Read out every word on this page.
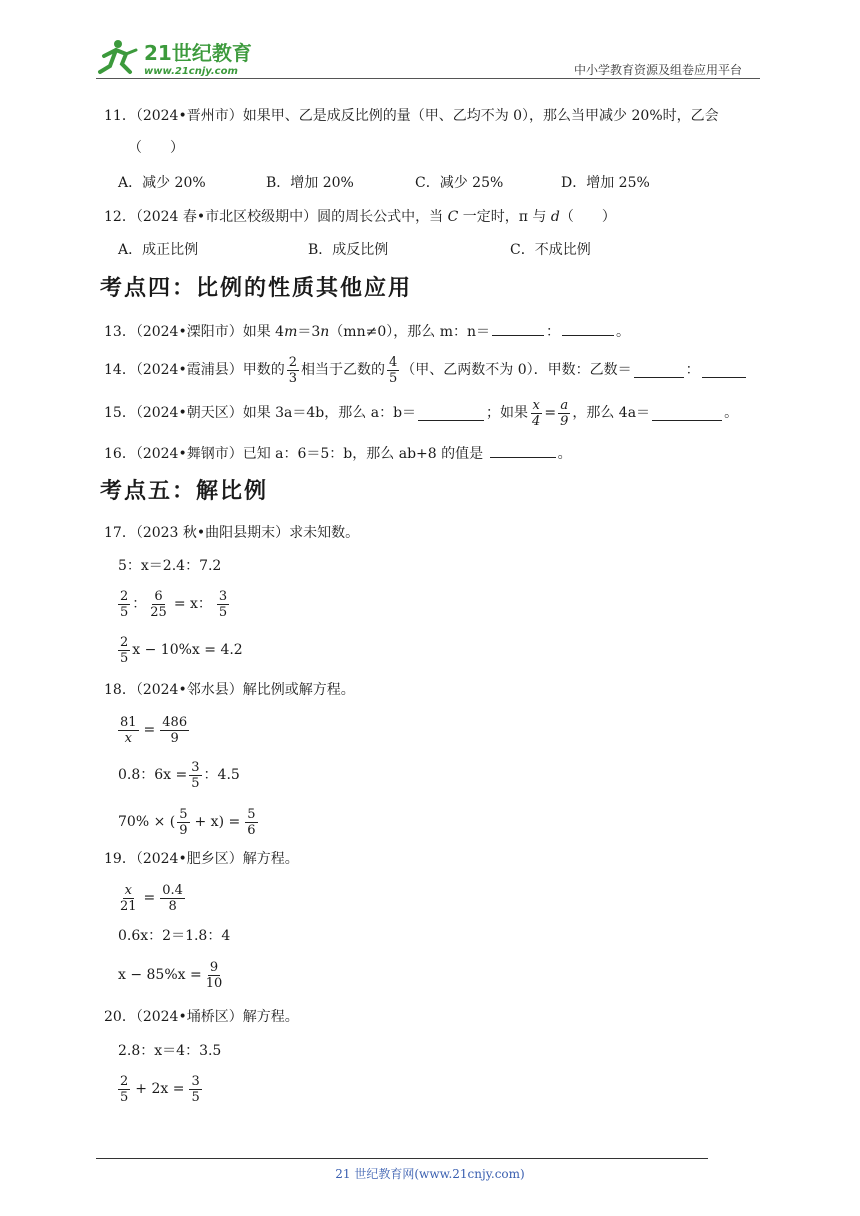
21世纪教育
www.21cnjy.com	中小学教育资源及组卷应用平台
11．（2024•晋州市）如果甲、乙是成反比例的量（甲、乙均不为 0），那么当甲减少 20%时，乙会
（　　）
A．减少 20%	B．增加 20%	C．减少 25%	D．增加 25%
12．（2024 春•市北区校级期中）圆的周长公式中，当 C 一定时，π 与 d（　　）
A．成正比例	B．成反比例	C．不成比例
考点四：比例的性质其他应用
13．（2024•溧阳市）如果 4m＝3n（mn≠0），那么 m：n＝	：	。
14．（2024•霞浦县）甲数的 $\frac{2}{3}$ 相当于乙数的 $\frac{4}{5}$ （甲、乙两数不为 0）．甲数：乙数＝	：
15．（2024•朝天区）如果 3a＝4b，那么 a：b＝	；如果 $\frac{x}{4} = \frac{a}{9}$ ，那么 4a＝	。
16．（2024•舞钢市）已知 a：6＝5：b，那么 ab+8 的值是	。
考点五：解比例
17．（2023 秋•曲阳县期末）求未知数。
5：x＝2.4：7.2
$\frac{2}{5}$ ： $\frac{6}{25} = x$： $\frac{3}{5}$
$\frac{2}{5}$ x − 10%x = 4.2
18．（2024•邻水县）解比例或解方程。
$\frac{81}{x} = \frac{486}{9}$
0.8：$6x = \frac{3}{5}$ ：4.5
70% × ( $\frac{5}{9} + x) = \frac{5}{6}$
19．（2024•肥乡区）解方程。
$\frac{x}{21} = \frac{0.4}{8}$
0.6x：2＝1.8：4
$x - 85\%x = \frac{9}{10}$
20．（2024•埇桥区）解方程。
2.8：x＝4：3.5
$\frac{2}{5} + 2x = \frac{3}{5}$
21 世纪教育网(www.21cnjy.com)
